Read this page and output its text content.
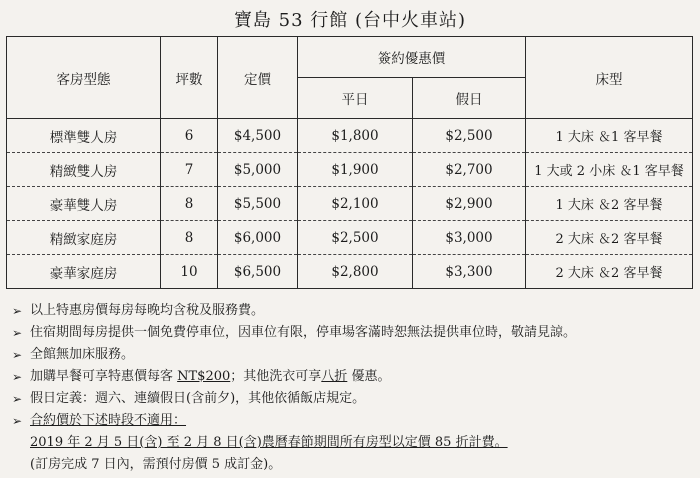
寶島 53 行館 (台中火車站)
客房型態	坪數	定價	簽約優惠價		床型
			平日	假日	
標準雙人房	6	$4,500	$1,800	$2,500	1 大床 ＆1 客早餐
精緻雙人房	7	$5,000	$1,900	$2,700	1 大或 2 小床 ＆1 客早餐
豪華雙人房	8	$5,500	$2,100	$2,900	1 大床 ＆2 客早餐
精緻家庭房	8	$6,000	$2,500	$3,000	2 大床 ＆2 客早餐
豪華家庭房	10	$6,500	$2,800	$3,300	2 大床 ＆2 客早餐
➢ 以上特惠房價每房每晚均含稅及服務費。
➢ 住宿期間每房提供一個免費停車位，因車位有限，停車場客滿時恕無法提供車位時，敬請見諒。
➢ 全館無加床服務。
➢ 加購早餐可享特惠價每客 NT$200；其他洗衣可享八折 優惠。
➢ 假日定義：週六、連續假日(含前夕)，其他依循飯店規定。
➢ 合約價於下述時段不適用：
2019 年 2 月 5 日(含) 至 2 月 8 日(含)農曆春節期間所有房型以定價 85 折計費。
(訂房完成 7 日內，需預付房價 5 成訂金)。
